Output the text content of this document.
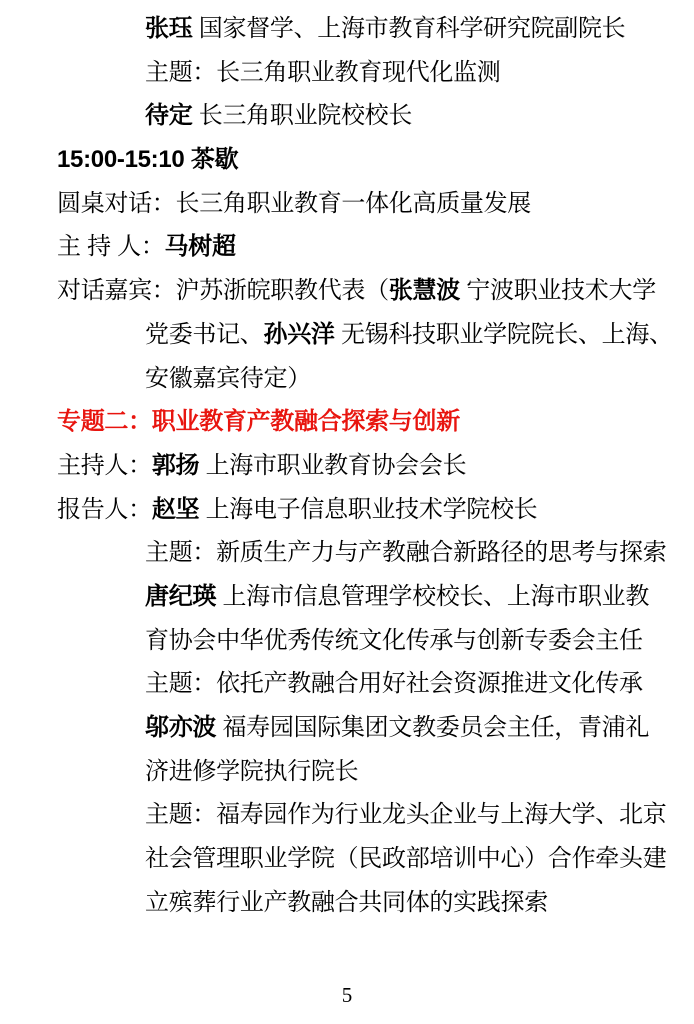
张珏 国家督学、上海市教育科学研究院副院长
主题：长三角职业教育现代化监测
待定 长三角职业院校校长
15:00-15:10 茶歇
圆桌对话：长三角职业教育一体化高质量发展
主 持 人：马树超
对话嘉宾：沪苏浙皖职教代表（张慧波 宁波职业技术大学
党委书记、孙兴洋 无锡科技职业学院院长、上海、
安徽嘉宾待定）
专题二：职业教育产教融合探索与创新
主持人：郭扬 上海市职业教育协会会长
报告人：赵坚 上海电子信息职业技术学院校长
主题：新质生产力与产教融合新路径的思考与探索
唐纪瑛 上海市信息管理学校校长、上海市职业教
育协会中华优秀传统文化传承与创新专委会主任
主题：依托产教融合用好社会资源推进文化传承
邬亦波 福寿园国际集团文教委员会主任，青浦礼
济进修学院执行院长
主题：福寿园作为行业龙头企业与上海大学、北京
社会管理职业学院（民政部培训中心）合作牵头建
立殡葬行业产教融合共同体的实践探索
5
